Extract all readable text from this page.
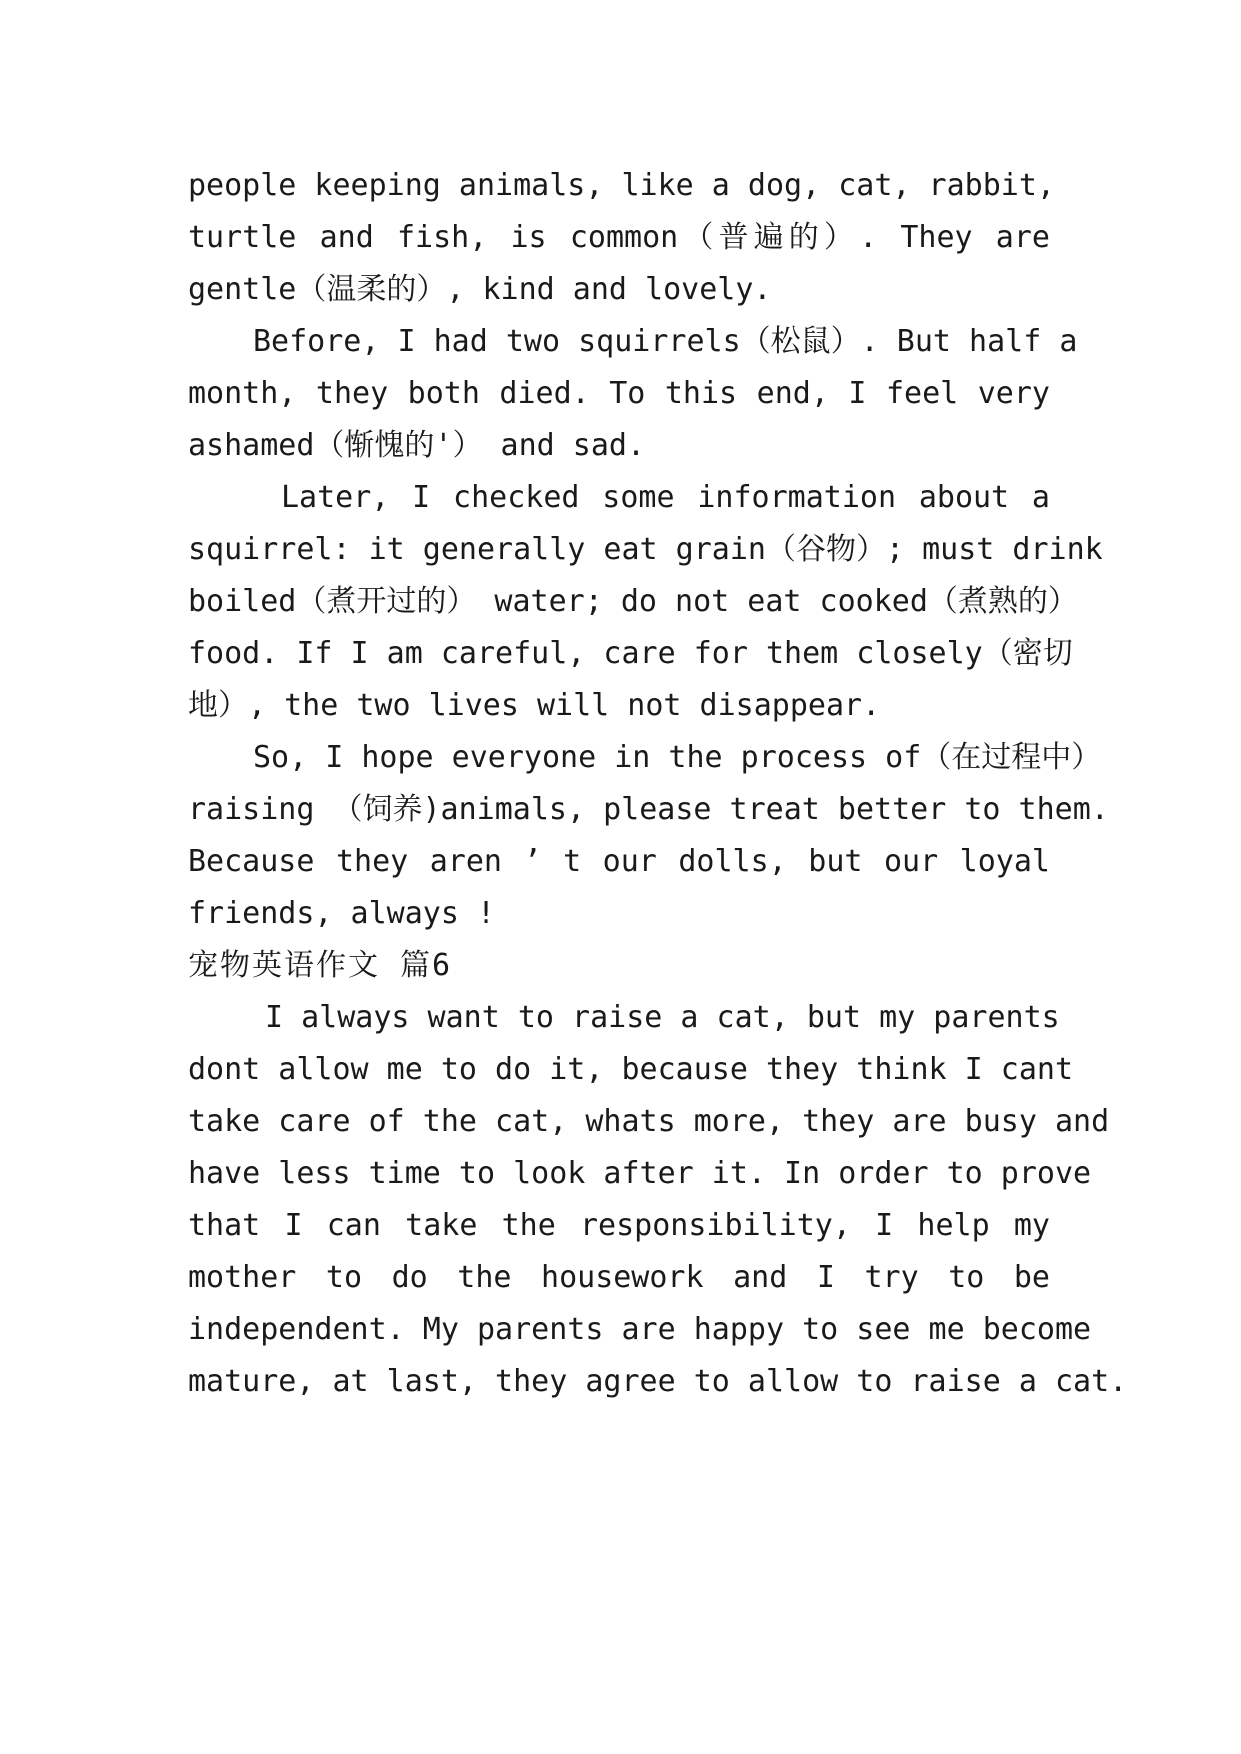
people keeping animals, like a dog, cat, rabbit,
turtle and fish, is common（普遍的）. They are
gentle（温柔的）, kind and lovely.
Before, I had two squirrels（松鼠）. But half a
month, they both died. To this end, I feel very
ashamed（惭愧的'） and sad.
Later, I checked some information about a
squirrel: it generally eat grain（谷物）; must drink
boiled（煮开过的） water; do not eat cooked（煮熟的）
food. If I am careful, care for them closely（密切
地）, the two lives will not disappear.
So, I hope everyone in the process of（在过程中）
raising （饲养)animals, please treat better to them.
Because they aren ’ t our dolls, but our loyal
friends, always !
宠物英语作文 篇6
I always want to raise a cat, but my parents
dont allow me to do it, because they think I cant
take care of the cat, whats more, they are busy and
have less time to look after it. In order to prove
that I can take the responsibility, I help my
mother to do the housework and I try to be
independent. My parents are happy to see me become
mature, at last, they agree to allow to raise a cat.
